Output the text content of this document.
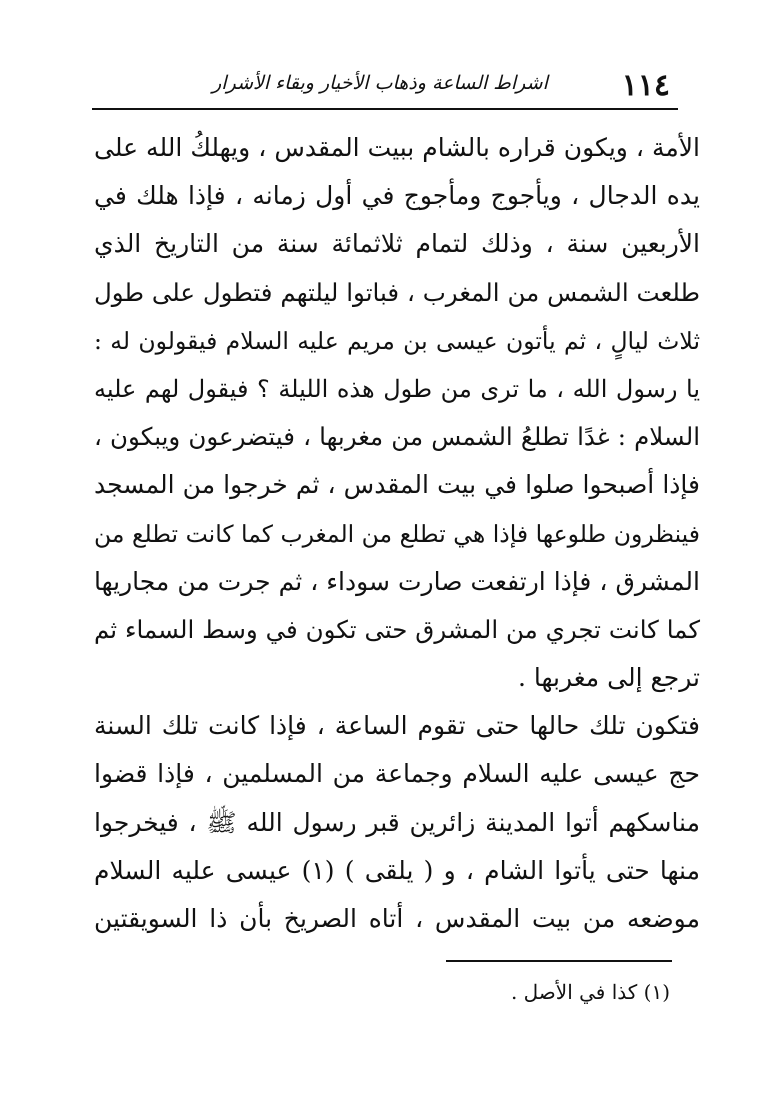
١١٤
اشراط الساعة وذهاب الأخيار وبقاء الأشرار
الأمة ، ويكون قراره بالشام ببيت المقدس ، ويهلكُ الله على
يده الدجال ، ويأجوج ومأجوج في أول زمانه ، فإذا هلك في
الأربعين سنة ، وذلك لتمام ثلاثمائة سنة من التاريخ الذي
طلعت الشمس من المغرب ، فباتوا ليلتهم فتطول على طول
ثلاث ليالٍ ، ثم يأتون عيسى بن مريم عليه السلام فيقولون له :
يا رسول الله ، ما ترى من طول هذه الليلة ؟ فيقول لهم عليه
السلام : غدًا تطلعُ الشمس من مغربها ، فيتضرعون ويبكون ،
فإذا أصبحوا صلوا في بيت المقدس ، ثم خرجوا من المسجد
فينظرون طلوعها فإذا هي تطلع من المغرب كما كانت تطلع من
المشرق ، فإذا ارتفعت صارت سوداء ، ثم جرت من مجاريها
كما كانت تجري من المشرق حتى تكون في وسط السماء ثم
ترجع إلى مغربها .
فتكون تلك حالها حتى تقوم الساعة ، فإذا كانت تلك السنة
حج عيسى عليه السلام وجماعة من المسلمين ، فإذا قضوا
مناسكهم أتوا المدينة زائرين قبر رسول الله ﷺ ، فيخرجوا
منها حتى يأتوا الشام ، و ( يلقى ) (١) عيسى عليه السلام
موضعه من بيت المقدس ، أتاه الصريخ بأن ذا السويقتين
(١) كذا في الأصل .
